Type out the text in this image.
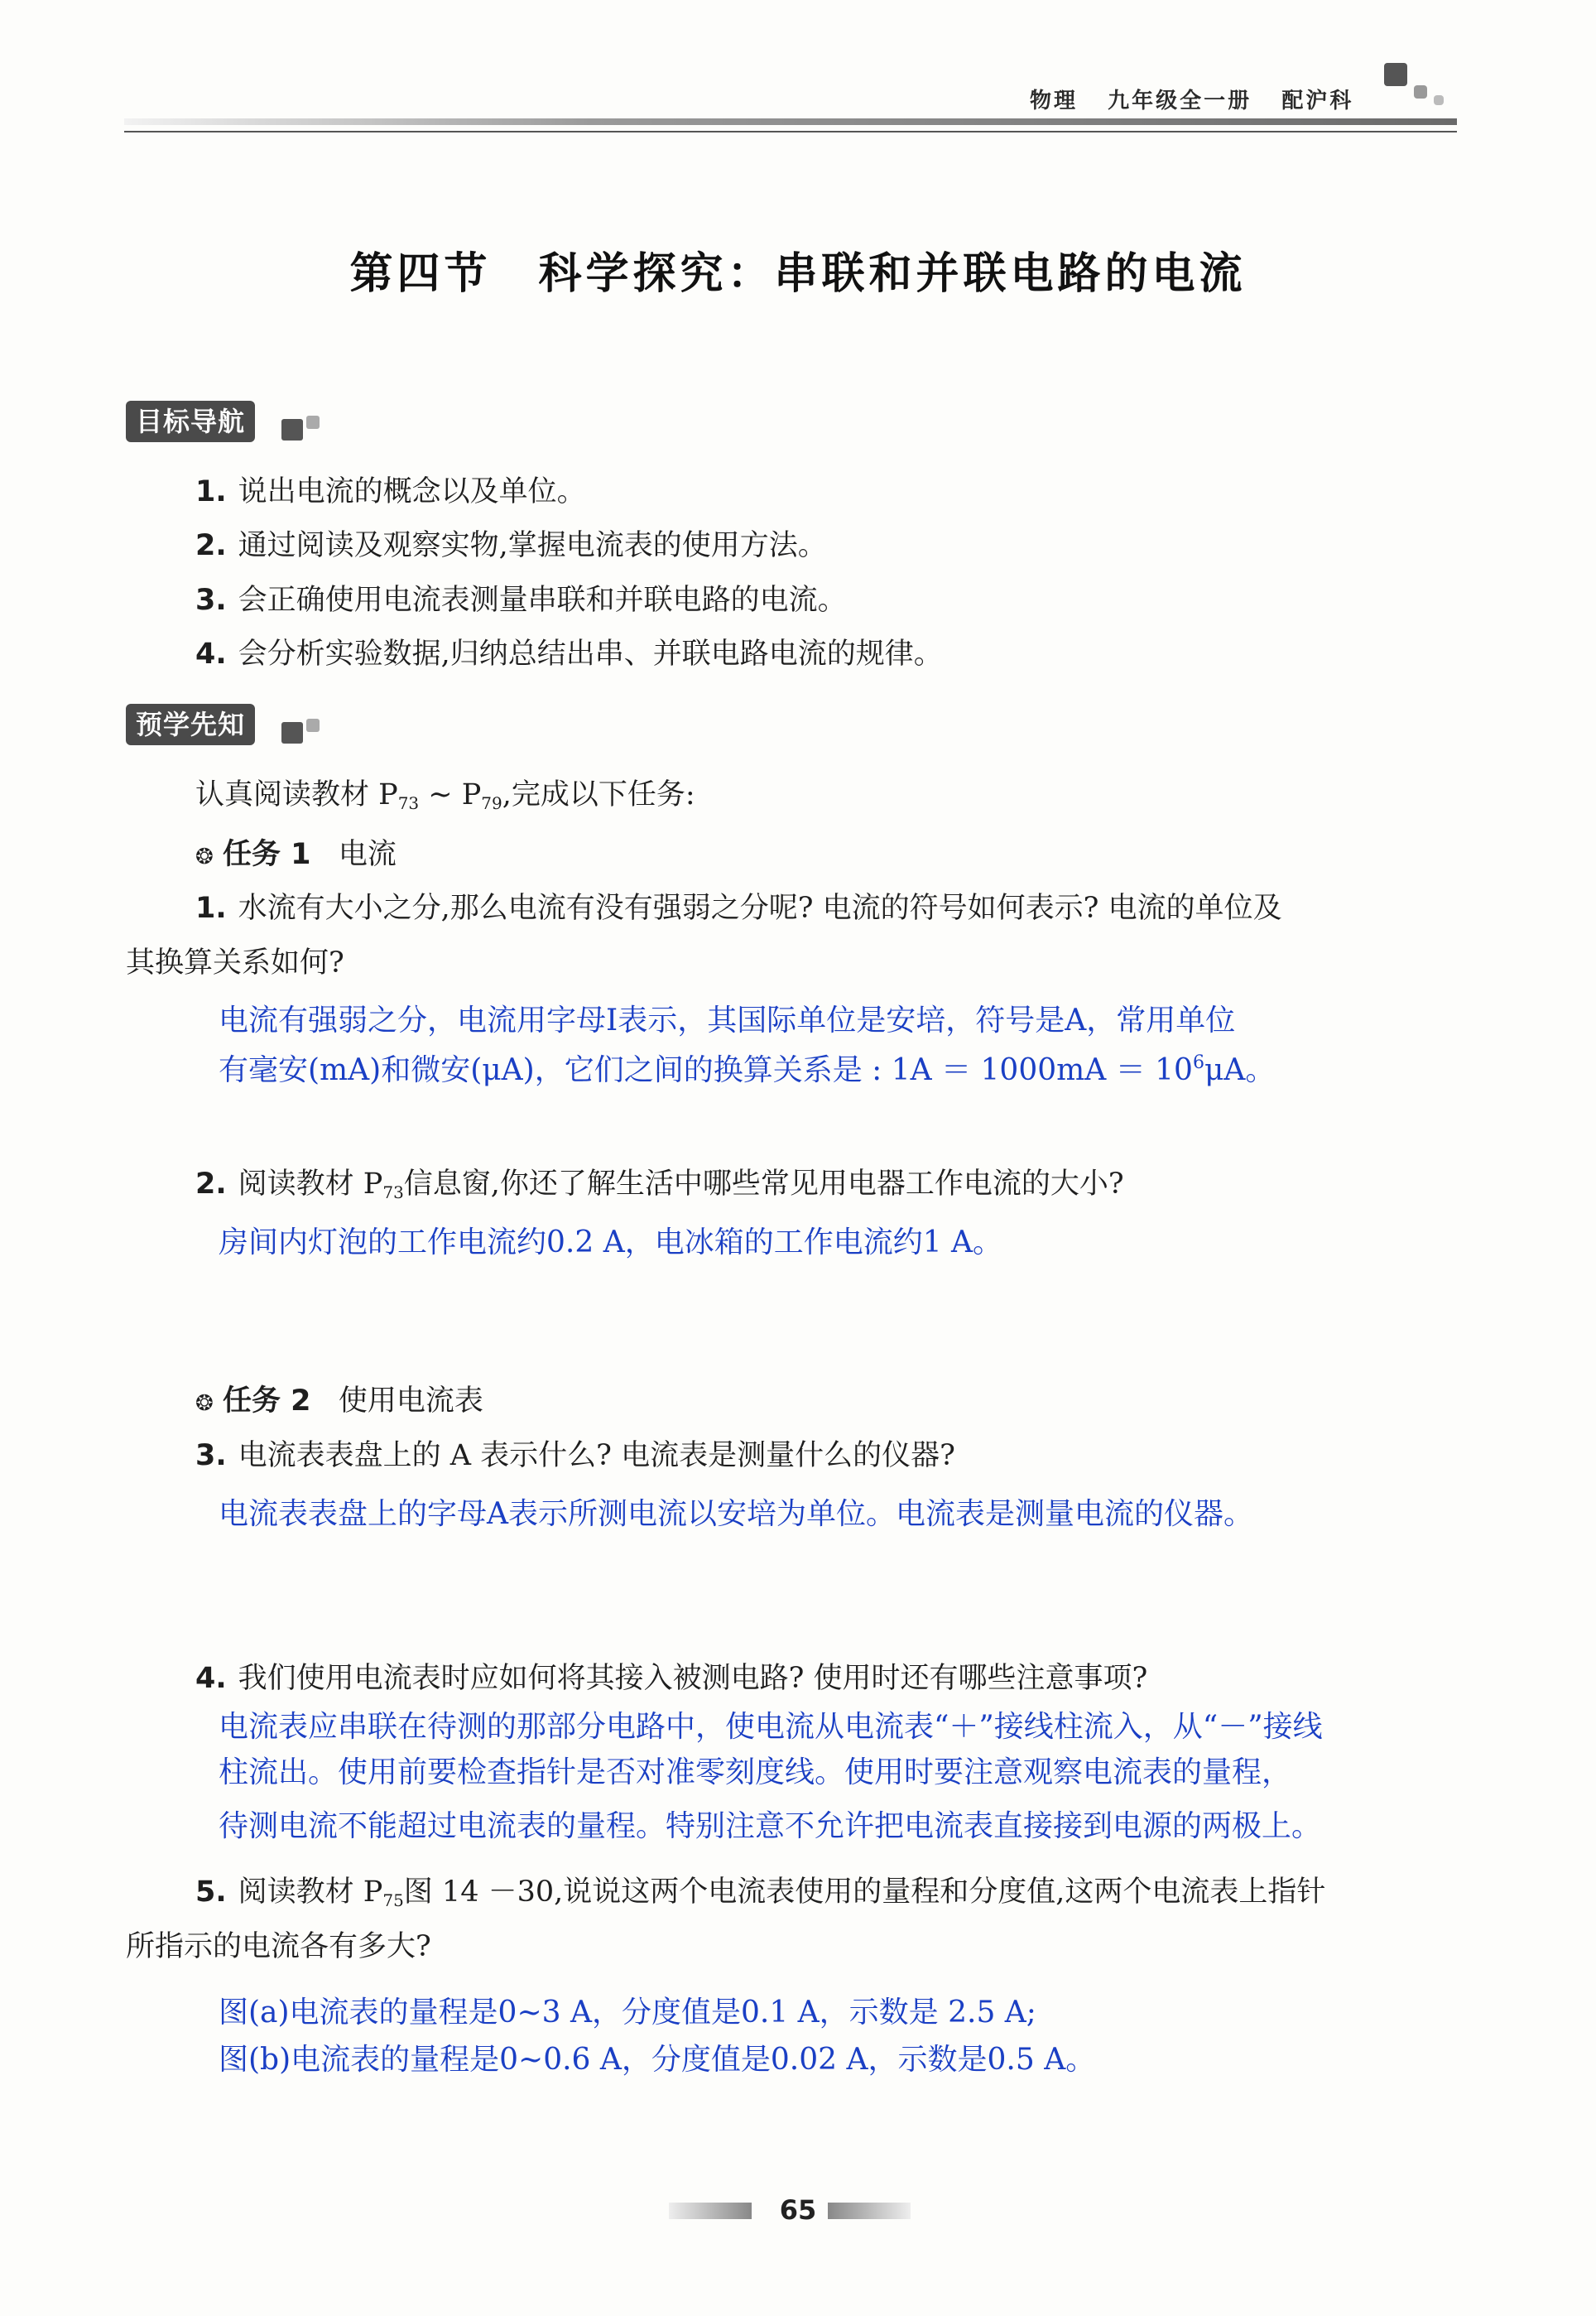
物理 九年级全一册 配沪科
第四节　科学探究：串联和并联电路的电流
目标导航
1. 说出电流的概念以及单位。
2. 通过阅读及观察实物,掌握电流表的使用方法。
3. 会正确使用电流表测量串联和并联电路的电流。
4. 会分析实验数据,归纳总结出串、并联电路电流的规律。
预学先知
认真阅读教材 $P_{73}$ ~ $P_{79}$,完成以下任务:
❂ 任务 1 电流
1. 水流有大小之分,那么电流有没有强弱之分呢? 电流的符号如何表示? 电流的单位及
其换算关系如何?
电流有强弱之分，电流用字母I表示，其国际单位是安培，符号是A，常用单位
有毫安(mA)和微安(μA)，它们之间的换算关系是 : $1A = 1000mA = 10^6\mu A$。
2. 阅读教材 $P_{73}$信息窗,你还了解生活中哪些常见用电器工作电流的大小?
房间内灯泡的工作电流约0.2 A，电冰箱的工作电流约1 A。
❂ 任务 2 使用电流表
3. 电流表表盘上的 A 表示什么? 电流表是测量什么的仪器?
电流表表盘上的字母A表示所测电流以安培为单位。电流表是测量电流的仪器。
4. 我们使用电流表时应如何将其接入被测电路? 使用时还有哪些注意事项?
电流表应串联在待测的那部分电路中，使电流从电流表“＋”接线柱流入，从“－”接线
柱流出。使用前要检查指针是否对准零刻度线。使用时要注意观察电流表的量程，
待测电流不能超过电流表的量程。特别注意不允许把电流表直接接到电源的两极上。
5. 阅读教材 $P_{75}$图 14 －30,说说这两个电流表使用的量程和分度值,这两个电流表上指针
所指示的电流各有多大?
图(a)电流表的量程是0~3 A，分度值是0.1 A，示数是 2.5 A;
图(b)电流表的量程是0~0.6 A，分度值是0.02 A，示数是0.5 A。
65
